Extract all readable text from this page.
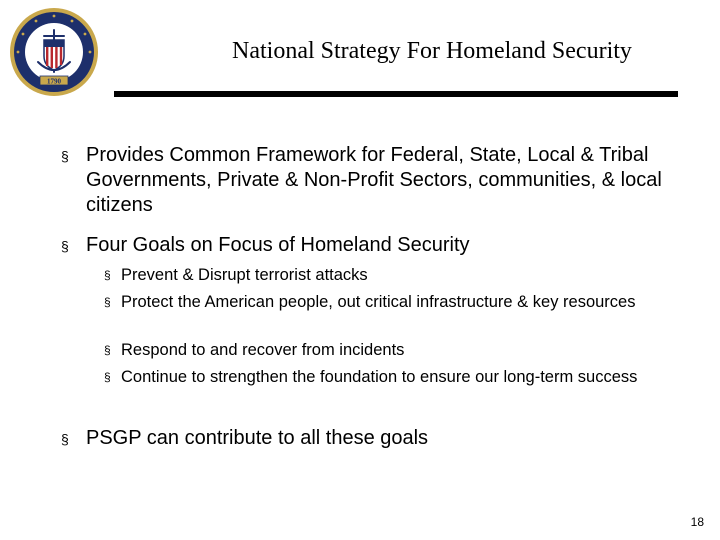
1790
National Strategy For Homeland Security
§ Provides Common Framework for Federal, State, Local & Tribal Governments, Private & Non-Profit Sectors, communities, & local citizens
§ Four Goals on Focus of Homeland Security
§ Prevent & Disrupt terrorist attacks
§ Protect the American people, out critical infrastructure & key resources
§ Respond to and recover from incidents
§ Continue to strengthen the foundation to ensure our long-term success
§ PSGP can contribute to all these goals
18
